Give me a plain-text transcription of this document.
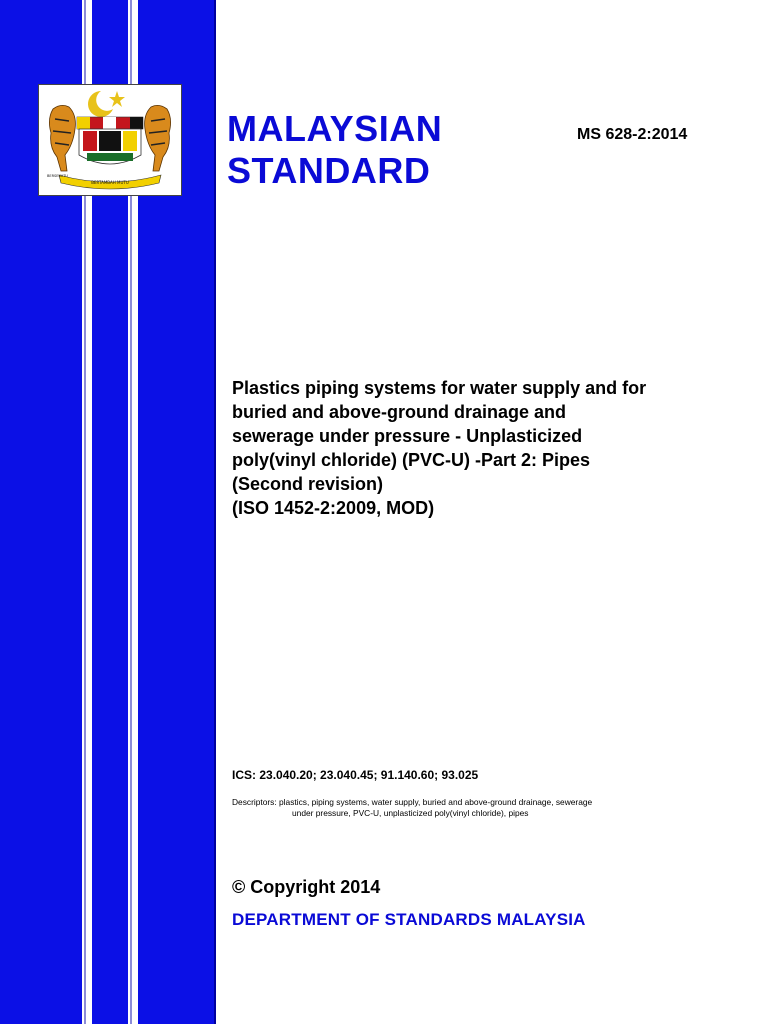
BERTAMBAH MUTU
BERSEKUTU
MALAYSIAN
STANDARD
MS 628-2:2014
Plastics piping systems for water supply and for
buried and above-ground drainage and
sewerage under pressure - Unplasticized
poly(vinyl chloride) (PVC-U) -Part 2: Pipes
(Second revision)
(ISO 1452-2:2009, MOD)
ICS: 23.040.20; 23.040.45; 91.140.60; 93.025
Descriptors: plastics, piping systems, water supply, buried and above-ground drainage, sewerage
under pressure, PVC-U, unplasticized poly(vinyl chloride), pipes
© Copyright 2014
DEPARTMENT OF STANDARDS MALAYSIA
